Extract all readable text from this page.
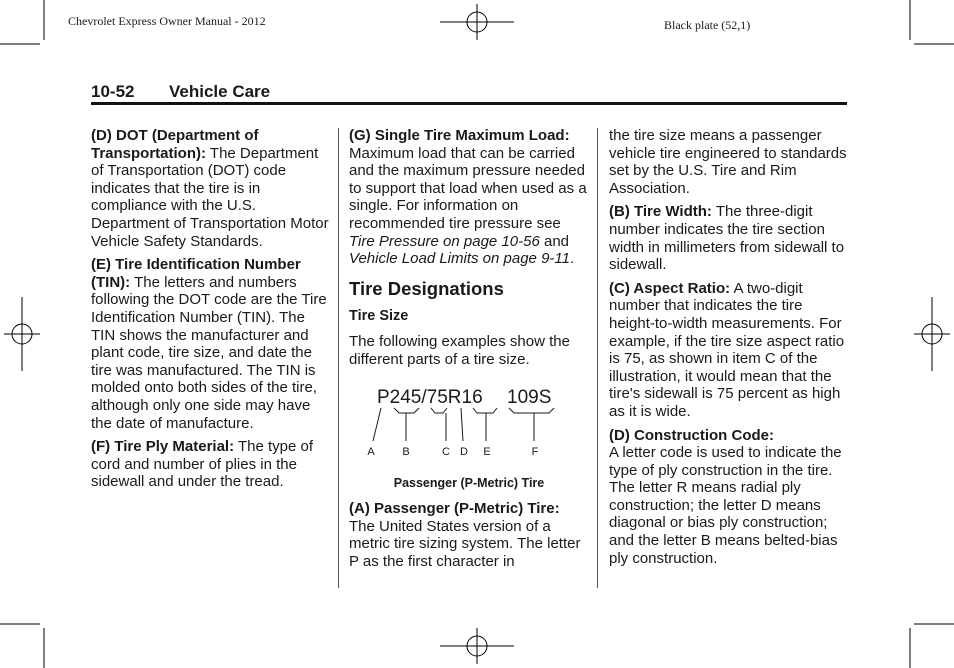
Chevrolet Express Owner Manual - 2012	Black plate (52,1)
10-52 Vehicle Care

(D) DOT (Department of Transportation): The Department of Transportation (DOT) code indicates that the tire is in compliance with the U.S. Department of Transportation Motor Vehicle Safety Standards.

(E) Tire Identification Number (TIN): The letters and numbers following the DOT code are the Tire Identification Number (TIN). The TIN shows the manufacturer and plant code, tire size, and date the tire was manufactured. The TIN is molded onto both sides of the tire, although only one side may have the date of manufacture.

(F) Tire Ply Material: The type of cord and number of plies in the sidewall and under the tread.

(G) Single Tire Maximum Load: Maximum load that can be carried and the maximum pressure needed to support that load when used as a single. For information on recommended tire pressure see Tire Pressure on page 10-56 and Vehicle Load Limits on page 9-11.

Tire Designations

Tire Size

The following examples show the different parts of a tire size.

P245/75R16 109S
A	B	C D E	F

Passenger (P-Metric) Tire

(A) Passenger (P-Metric) Tire: The United States version of a metric tire sizing system. The letter P as the first character in

the tire size means a passenger vehicle tire engineered to standards set by the U.S. Tire and Rim Association.

(B) Tire Width: The three-digit number indicates the tire section width in millimeters from sidewall to sidewall.

(C) Aspect Ratio: A two-digit number that indicates the tire height-to-width measurements. For example, if the tire size aspect ratio is 75, as shown in item C of the illustration, it would mean that the tire's sidewall is 75 percent as high as it is wide.

(D) Construction Code:
A letter code is used to indicate the type of ply construction in the tire. The letter R means radial ply construction; the letter D means diagonal or bias ply construction; and the letter B means belted-bias ply construction.
